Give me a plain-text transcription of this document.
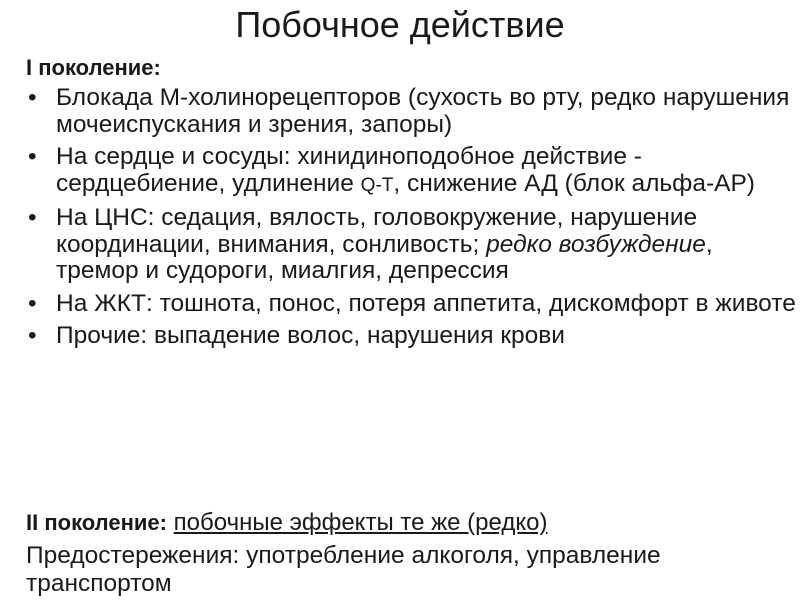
Побочное действие

I поколение:

• Блокада М-холинорецепторов (сухость во рту, редко нарушения мочеиспускания и зрения, запоры)
• На сердце и сосуды: хинидиноподобное действие - сердцебиение, удлинение Q-T, снижение АД (блок альфа-АР)
• На ЦНС: седация, вялость, головокружение, нарушение координации, внимания, сонливость; редко возбуждение, тремор и судороги, миалгия, депрессия
• На ЖКТ: тошнота, понос, потеря аппетита, дискомфорт в животе
• Прочие: выпадение волос, нарушения крови

II поколение: побочные эффекты те же (редко)

Предостережения: употребление алкоголя, управление транспортом
